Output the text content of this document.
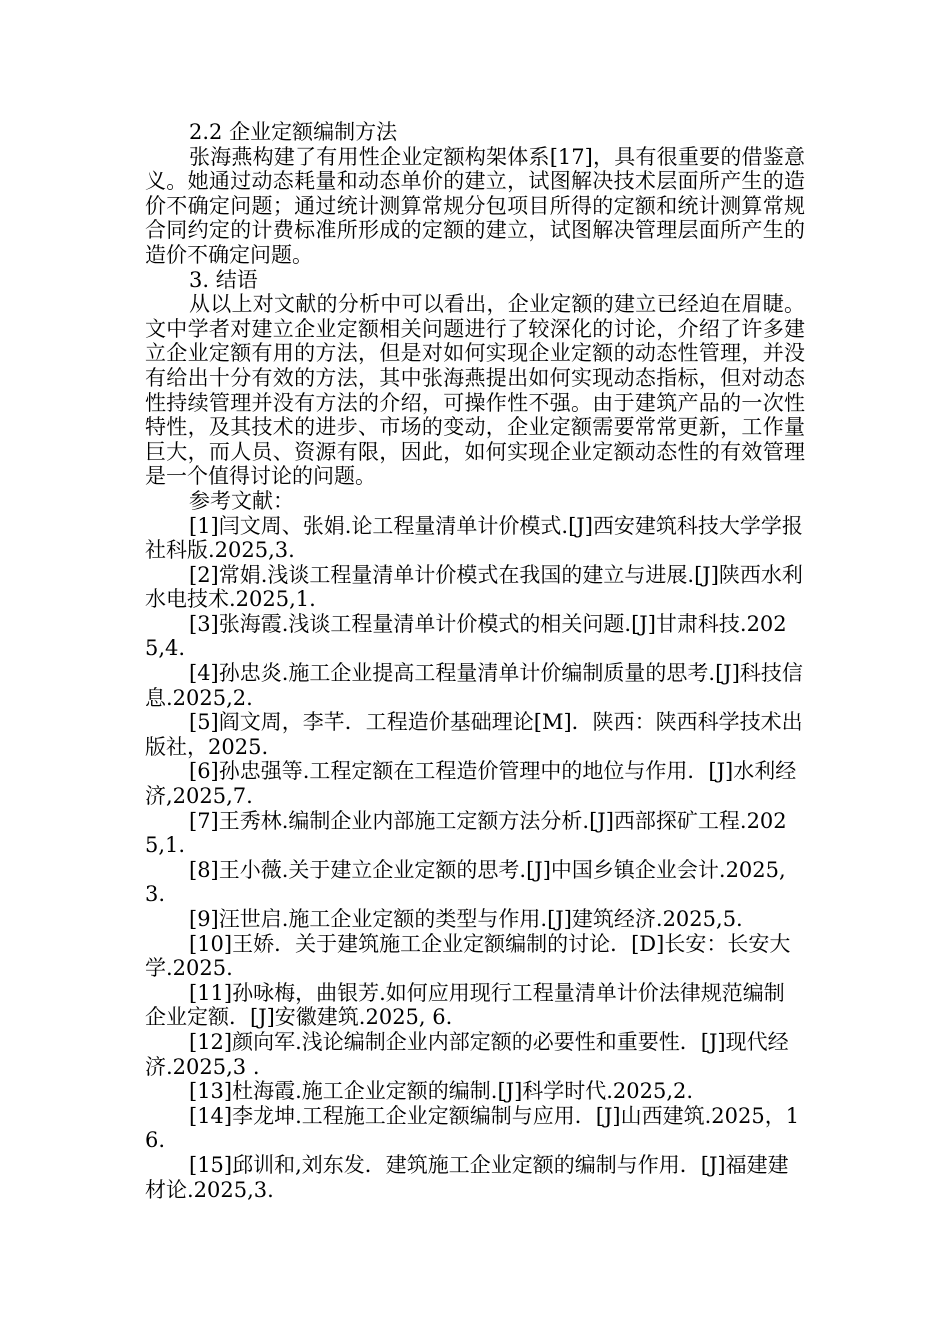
2.2 企业定额编制方法

张海燕构建了有用性企业定额构架体系[17]，具有很重要的借鉴意义。她通过动态耗量和动态单价的建立，试图解决技术层面所产生的造价不确定问题；通过统计测算常规分包项目所得的定额和统计测算常规合同约定的计费标准所形成的定额的建立，试图解决管理层面所产生的造价不确定问题。

3. 结语

从以上对文献的分析中可以看出，企业定额的建立已经迫在眉睫。文中学者对建立企业定额相关问题进行了较深化的讨论，介绍了许多建立企业定额有用的方法，但是对如何实现企业定额的动态性管理，并没有给出十分有效的方法，其中张海燕提出如何实现动态指标，但对动态性持续管理并没有方法的介绍，可操作性不强。由于建筑产品的一次性特性，及其技术的进步、市场的变动，企业定额需要常常更新，工作量巨大，而人员、资源有限，因此，如何实现企业定额动态性的有效管理是一个值得讨论的问题。

参考文献：

[1]闫文周、张娟.论工程量清单计价模式.[J]西安建筑科技大学学报社科版.2025,3.
[2]常娟.浅谈工程量清单计价模式在我国的建立与进展.[J]陕西水利水电技术.2025,1.
[3]张海霞.浅谈工程量清单计价模式的相关问题.[J]甘肃科技.2025,4.
[4]孙忠炎.施工企业提高工程量清单计价编制质量的思考.[J]科技信息.2025,2.
[5]阎文周，李芊．工程造价基础理论[M]．陕西：陕西科学技术出版社，2025.
[6]孙忠强等.工程定额在工程造价管理中的地位与作用．[J]水利经济,2025,7.
[7]王秀林.编制企业内部施工定额方法分析.[J]西部探矿工程.2025,1.
[8]王小薇.关于建立企业定额的思考.[J]中国乡镇企业会计.2025,3.
[9]汪世启.施工企业定额的类型与作用.[J]建筑经济.2025,5.
[10]王娇．关于建筑施工企业定额编制的讨论．[D]长安：长安大学.2025.
[11]孙咏梅，曲银芳.如何应用现行工程量清单计价法律规范编制企业定额．[J]安徽建筑.2025, 6.
[12]颜向军.浅论编制企业内部定额的必要性和重要性．[J]现代经济.2025,3 .
[13]杜海霞.施工企业定额的编制.[J]科学时代.2025,2.
[14]李龙坤.工程施工企业定额编制与应用．[J]山西建筑.2025，16.
[15]邱训和,刘东发．建筑施工企业定额的编制与作用．[J]福建建材论.2025,3.
